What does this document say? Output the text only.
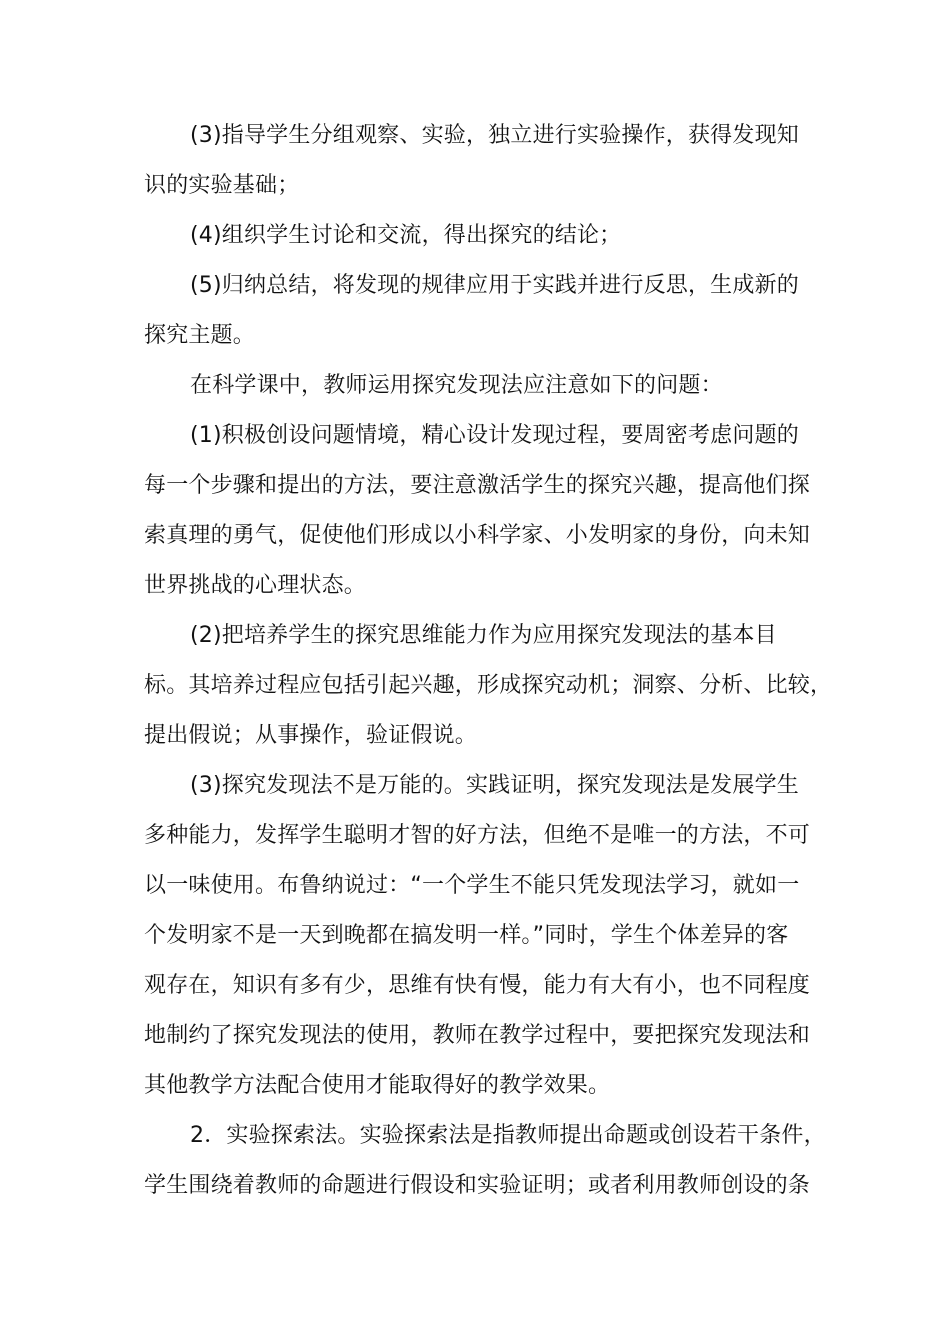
(3)指导学生分组观察、实验，独立进行实验操作，获得发现知
识的实验基础；
(4)组织学生讨论和交流，得出探究的结论；
(5)归纳总结，将发现的规律应用于实践并进行反思，生成新的
探究主题。
在科学课中，教师运用探究发现法应注意如下的问题：
(1)积极创设问题情境，精心设计发现过程，要周密考虑问题的
每一个步骤和提出的方法，要注意激活学生的探究兴趣，提高他们探
索真理的勇气，促使他们形成以小科学家、小发明家的身份，向未知
世界挑战的心理状态。
(2)把培养学生的探究思维能力作为应用探究发现法的基本目
标。其培养过程应包括引起兴趣，形成探究动机；洞察、分析、比较，
提出假说；从事操作，验证假说。
(3)探究发现法不是万能的。实践证明，探究发现法是发展学生
多种能力，发挥学生聪明才智的好方法，但绝不是唯一的方法，不可
以一味使用。布鲁纳说过：“一个学生不能只凭发现法学习，就如一
个发明家不是一天到晚都在搞发明一样。”同时，学生个体差异的客
观存在，知识有多有少，思维有快有慢，能力有大有小，也不同程度
地制约了探究发现法的使用，教师在教学过程中，要把探究发现法和
其他教学方法配合使用才能取得好的教学效果。
2．实验探索法。实验探索法是指教师提出命题或创设若干条件，
学生围绕着教师的命题进行假设和实验证明；或者利用教师创设的条
